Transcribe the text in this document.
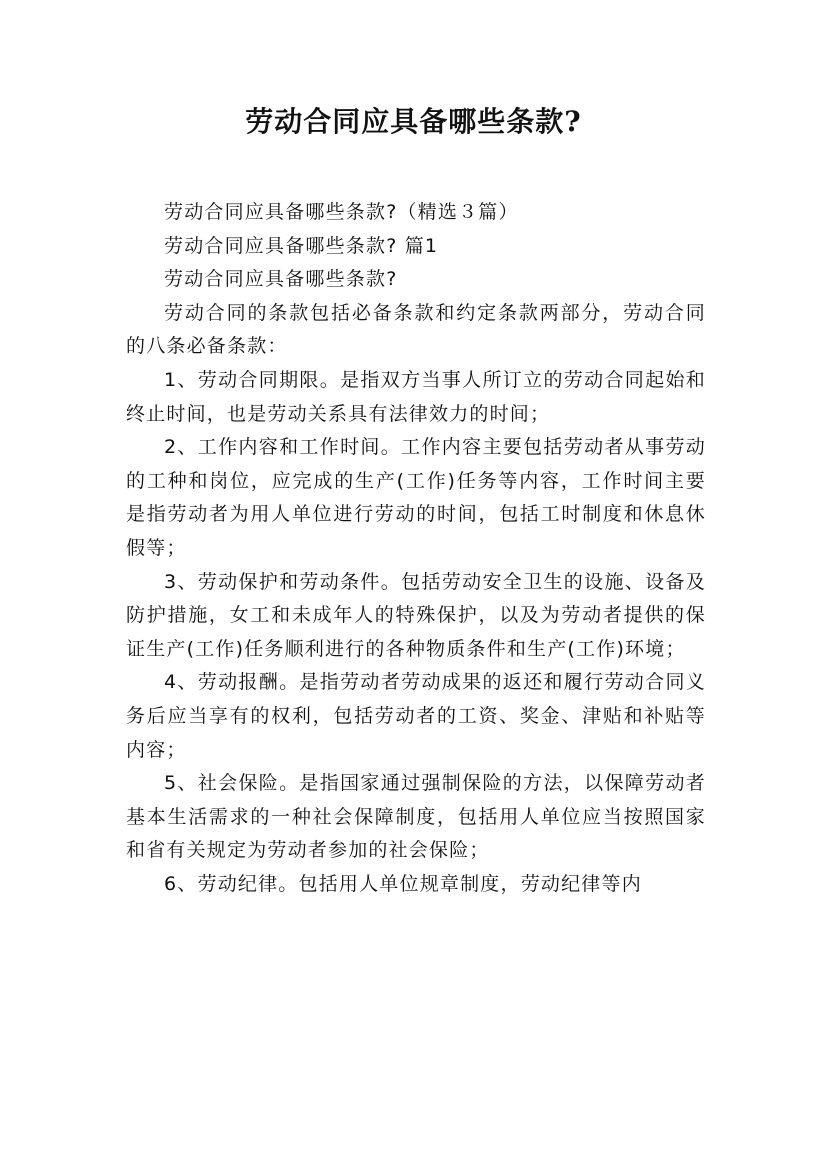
劳动合同应具备哪些条款?

劳动合同应具备哪些条款?（精选３篇）

劳动合同应具备哪些条款? 篇1

劳动合同应具备哪些条款?

劳动合同的条款包括必备条款和约定条款两部分，劳动合同的八条必备条款：

1、劳动合同期限。是指双方当事人所订立的劳动合同起始和终止时间，也是劳动关系具有法律效力的时间；

2、工作内容和工作时间。工作内容主要包括劳动者从事劳动的工种和岗位，应完成的生产(工作)任务等内容，工作时间主要是指劳动者为用人单位进行劳动的时间，包括工时制度和休息休假等；

3、劳动保护和劳动条件。包括劳动安全卫生的设施、设备及防护措施，女工和未成年人的特殊保护，以及为劳动者提供的保证生产(工作)任务顺利进行的各种物质条件和生产(工作)环境；

4、劳动报酬。是指劳动者劳动成果的返还和履行劳动合同义务后应当享有的权利，包括劳动者的工资、奖金、津贴和补贴等内容；

5、社会保险。是指国家通过强制保险的方法，以保障劳动者基本生活需求的一种社会保障制度，包括用人单位应当按照国家和省有关规定为劳动者参加的社会保险；

6、劳动纪律。包括用人单位规章制度，劳动纪律等内
